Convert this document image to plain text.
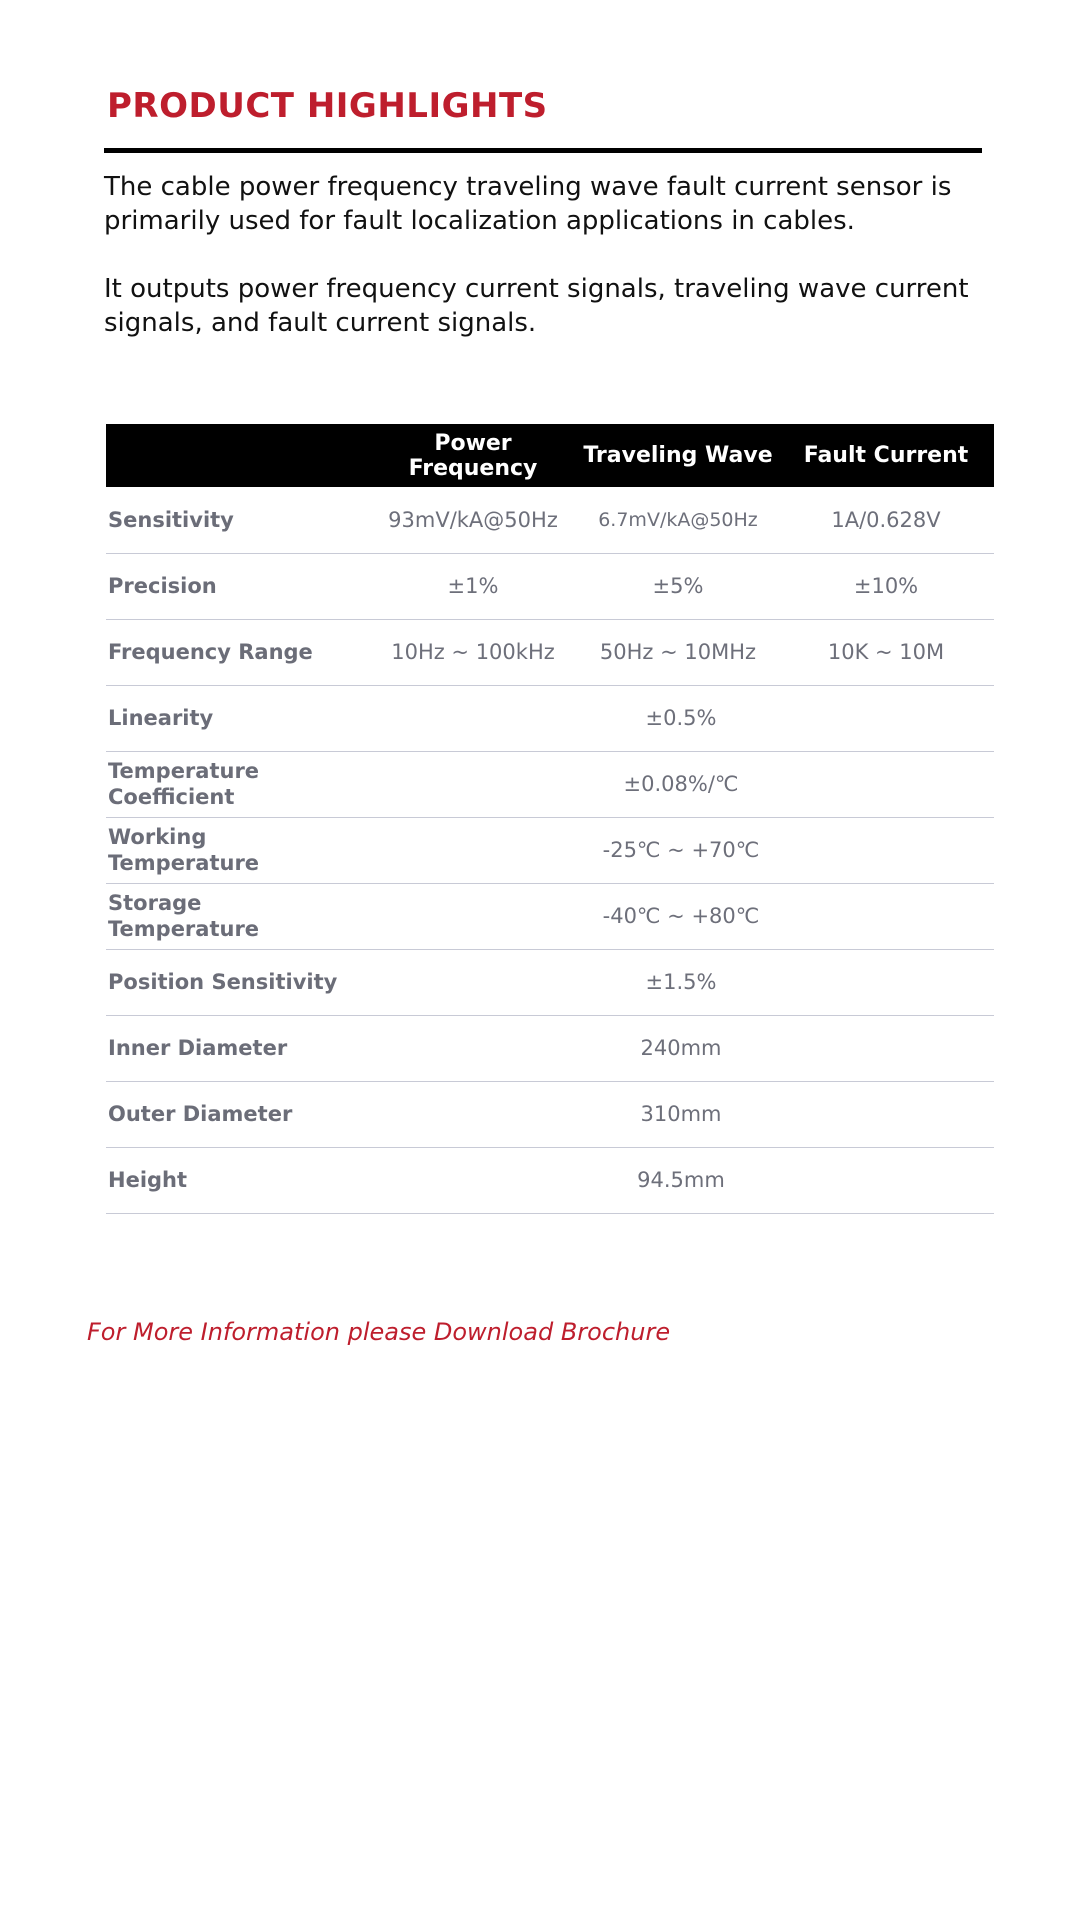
PRODUCT HIGHLIGHTS

The cable power frequency traveling wave fault current sensor is primarily used for fault localization applications in cables.

It outputs power frequency current signals, traveling wave current signals, and fault current signals.

	Power Frequency	Traveling Wave	Fault Current
Sensitivity	93mV/kA@50Hz	6.7mV/kA@50Hz	1A/0.628V
Precision	±1%	±5%	±10%
Frequency Range	10Hz ~ 100kHz	50Hz ~ 10MHz	10K ~ 10M
Linearity	±0.5%		
Temperature
Coefficient	±0.08%/℃		
Working
Temperature	-25℃ ~ +70℃		
Storage
Temperature	-40℃ ~ +80℃		
Position Sensitivity	±1.5%		
Inner Diameter	240mm		
Outer Diameter	310mm		
Height	94.5mm		
For More Information please Download Brochure
